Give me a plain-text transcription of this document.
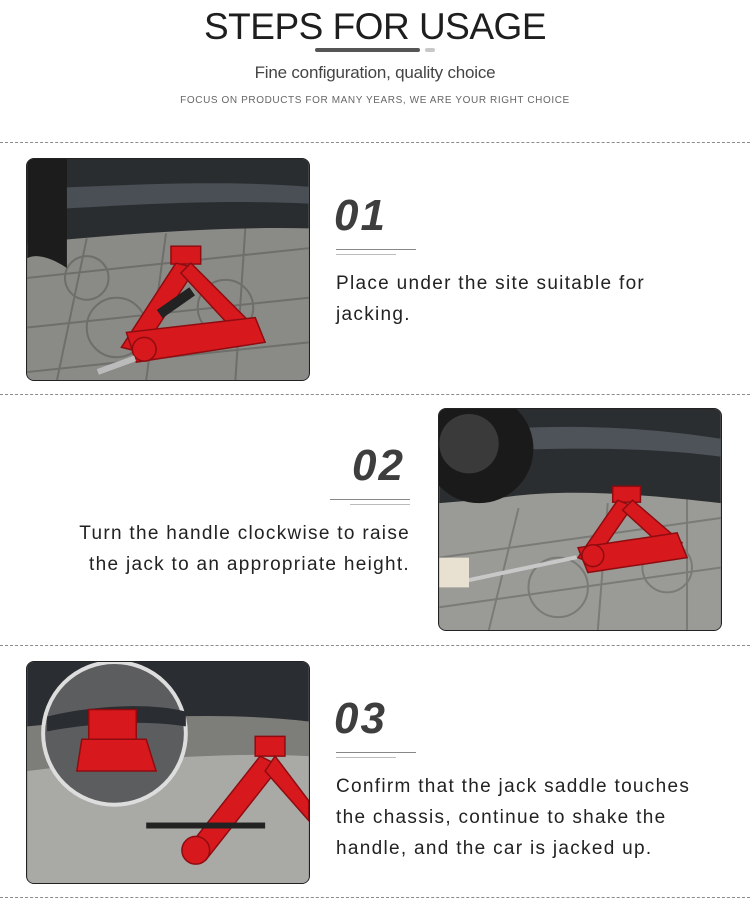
STEPS FOR USAGE
Fine configuration, quality choice
FOCUS ON PRODUCTS FOR MANY YEARS, WE ARE YOUR RIGHT CHOICE
01
Place under the site suitable for
jacking.
02
Turn the handle clockwise to raise
the jack to an appropriate height.
03
Confirm that the jack saddle touches
the chassis, continue to shake the
handle, and the car is jacked up.
